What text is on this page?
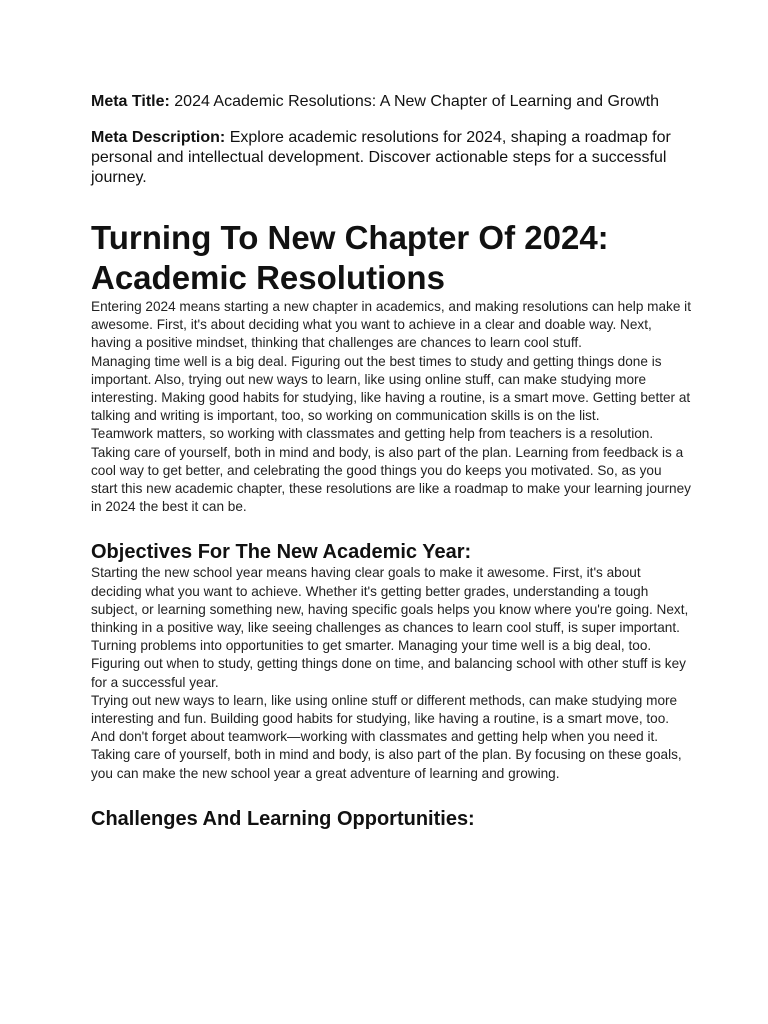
Meta Title: 2024 Academic Resolutions: A New Chapter of Learning and Growth

Meta Description: Explore academic resolutions for 2024, shaping a roadmap for personal and intellectual development. Discover actionable steps for a successful journey.

Turning To New Chapter Of 2024: Academic Resolutions

Entering 2024 means starting a new chapter in academics, and making resolutions can help make it awesome. First, it's about deciding what you want to achieve in a clear and doable way. Next, having a positive mindset, thinking that challenges are chances to learn cool stuff.

Managing time well is a big deal. Figuring out the best times to study and getting things done is important. Also, trying out new ways to learn, like using online stuff, can make studying more interesting. Making good habits for studying, like having a routine, is a smart move. Getting better at talking and writing is important, too, so working on communication skills is on the list.

Teamwork matters, so working with classmates and getting help from teachers is a resolution. Taking care of yourself, both in mind and body, is also part of the plan. Learning from feedback is a cool way to get better, and celebrating the good things you do keeps you motivated. So, as you start this new academic chapter, these resolutions are like a roadmap to make your learning journey in 2024 the best it can be.

Objectives For The New Academic Year:

Starting the new school year means having clear goals to make it awesome. First, it's about deciding what you want to achieve. Whether it's getting better grades, understanding a tough subject, or learning something new, having specific goals helps you know where you're going. Next, thinking in a positive way, like seeing challenges as chances to learn cool stuff, is super important. Turning problems into opportunities to get smarter. Managing your time well is a big deal, too. Figuring out when to study, getting things done on time, and balancing school with other stuff is key for a successful year.

Trying out new ways to learn, like using online stuff or different methods, can make studying more interesting and fun. Building good habits for studying, like having a routine, is a smart move, too. And don't forget about teamwork—working with classmates and getting help when you need it. Taking care of yourself, both in mind and body, is also part of the plan. By focusing on these goals, you can make the new school year a great adventure of learning and growing.

Challenges And Learning Opportunities:
